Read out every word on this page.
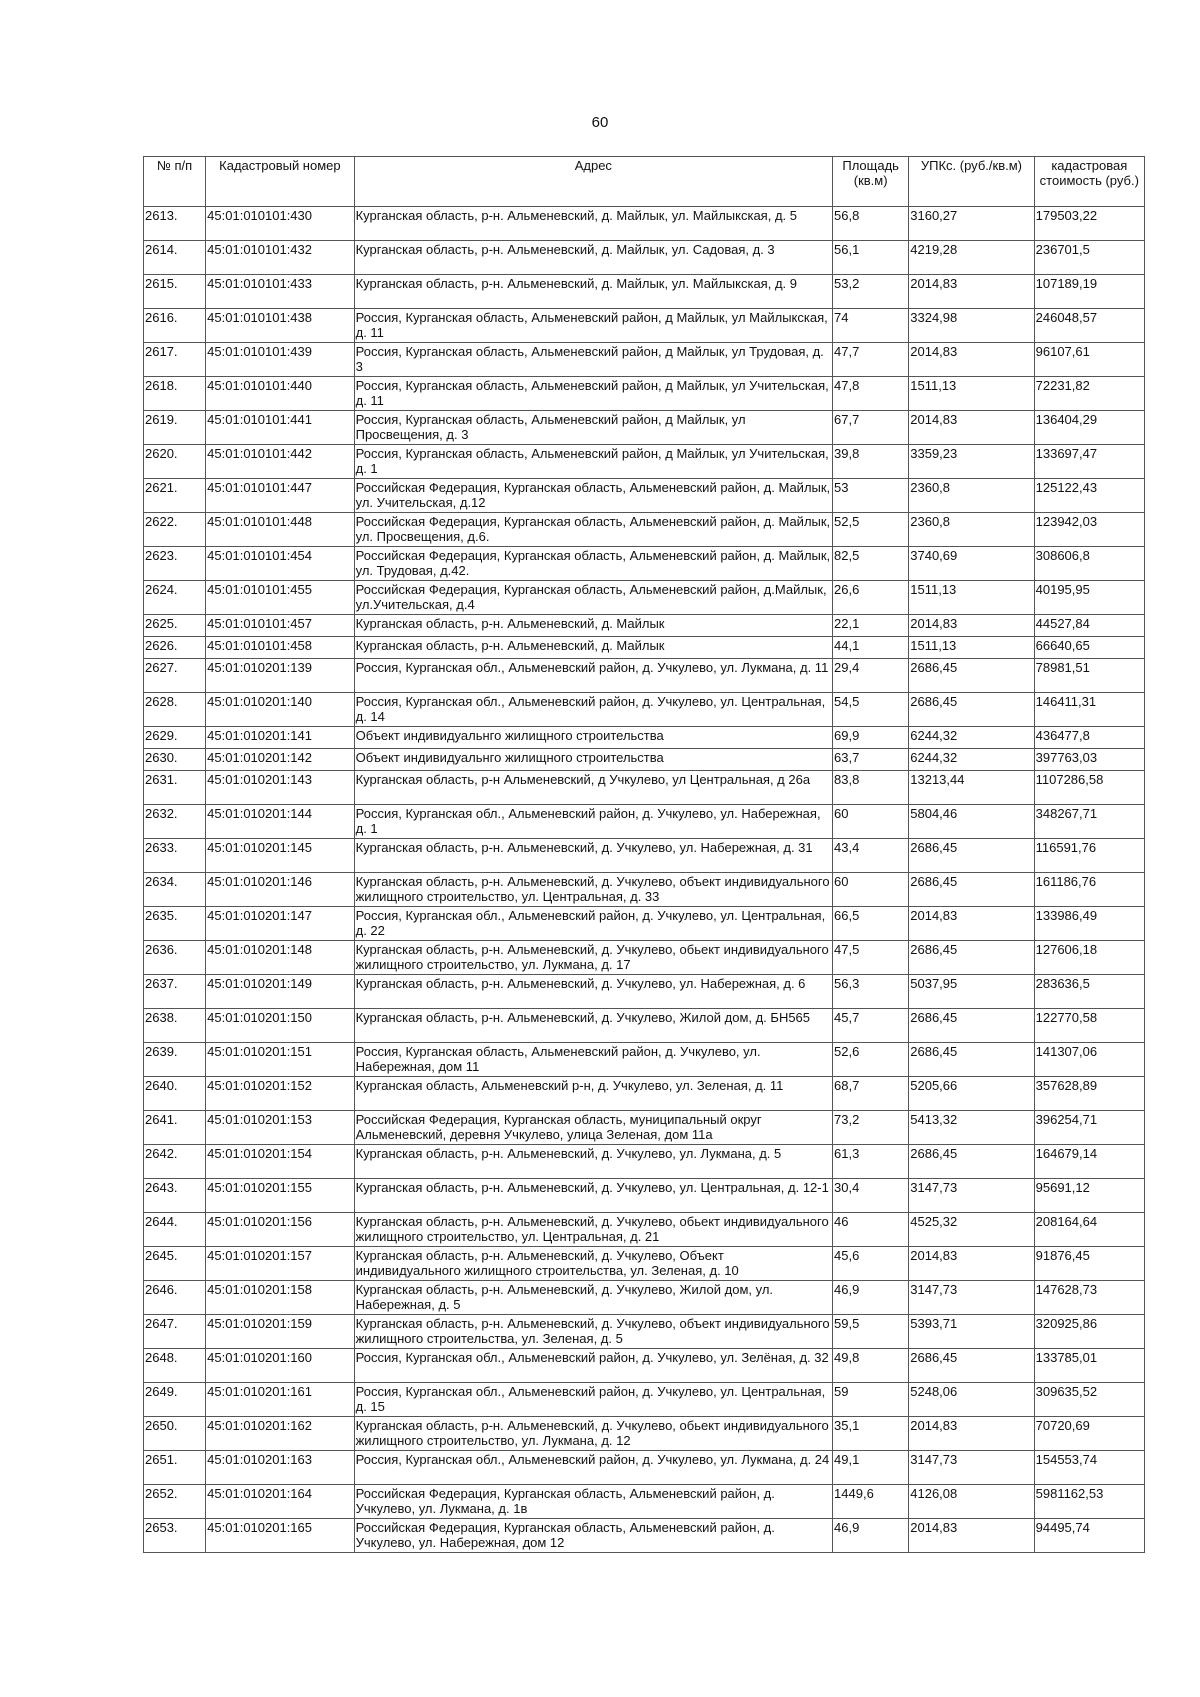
60
№ п/п	Кадастровый номер	Адрес	Площадь (кв.м)	УПКс. (руб./кв.м)	кадастровая стоимость (руб.)
2613.	45:01:010101:430	Курганская область, р-н. Альменевский, д. Майлык, ул. Майлыкская, д. 5	56,8	3160,27	179503,22
2614.	45:01:010101:432	Курганская область, р-н. Альменевский, д. Майлык, ул. Садовая, д. 3	56,1	4219,28	236701,5
2615.	45:01:010101:433	Курганская область, р-н. Альменевский, д. Майлык, ул. Майлыкская, д. 9	53,2	2014,83	107189,19
2616.	45:01:010101:438	Россия, Курганская область, Альменевский район, д Майлык, ул Майлыкская, д. 11	74	3324,98	246048,57
2617.	45:01:010101:439	Россия, Курганская область, Альменевский район, д Майлык, ул Трудовая, д. 3	47,7	2014,83	96107,61
2618.	45:01:010101:440	Россия, Курганская область, Альменевский район, д Майлык, ул Учительская, д. 11	47,8	1511,13	72231,82
2619.	45:01:010101:441	Россия, Курганская область, Альменевский район, д Майлык, ул Просвещения, д. 3	67,7	2014,83	136404,29
2620.	45:01:010101:442	Россия, Курганская область, Альменевский район, д Майлык, ул Учительская, д. 1	39,8	3359,23	133697,47
2621.	45:01:010101:447	Российская Федерация, Курганская область, Альменевский район, д. Майлык, ул. Учительская, д.12	53	2360,8	125122,43
2622.	45:01:010101:448	Российская Федерация, Курганская область, Альменевский район, д. Майлык, ул. Просвещения, д.6.	52,5	2360,8	123942,03
2623.	45:01:010101:454	Российская Федерация, Курганская область, Альменевский район, д. Майлык, ул. Трудовая, д.42.	82,5	3740,69	308606,8
2624.	45:01:010101:455	Российская Федерация, Курганская область, Альменевский район, д.Майлык, ул.Учительская, д.4	26,6	1511,13	40195,95
2625.	45:01:010101:457	Курганская область, р-н. Альменевский, д. Майлык	22,1	2014,83	44527,84
2626.	45:01:010101:458	Курганская область, р-н. Альменевский, д. Майлык	44,1	1511,13	66640,65
2627.	45:01:010201:139	Россия, Курганская обл., Альменевский район, д. Учкулево, ул. Лукмана, д. 11	29,4	2686,45	78981,51
2628.	45:01:010201:140	Россия, Курганская обл., Альменевский район, д. Учкулево, ул. Центральная, д. 14	54,5	2686,45	146411,31
2629.	45:01:010201:141	Объект индивидуальнго жилищного строительства	69,9	6244,32	436477,8
2630.	45:01:010201:142	Объект индивидуальнго жилищного строительства	63,7	6244,32	397763,03
2631.	45:01:010201:143	Курганская область, р-н Альменевский, д Учкулево, ул Центральная, д 26а	83,8	13213,44	1107286,58
2632.	45:01:010201:144	Россия, Курганская обл., Альменевский район, д. Учкулево, ул. Набережная, д. 1	60	5804,46	348267,71
2633.	45:01:010201:145	Курганская область, р-н. Альменевский, д. Учкулево, ул. Набережная, д. 31	43,4	2686,45	116591,76
2634.	45:01:010201:146	Курганская область, р-н. Альменевский, д. Учкулево, объект индивидуального жилищного строительство, ул. Центральная, д. 33	60	2686,45	161186,76
2635.	45:01:010201:147	Россия, Курганская обл., Альменевский район, д. Учкулево, ул. Центральная, д. 22	66,5	2014,83	133986,49
2636.	45:01:010201:148	Курганская область, р-н. Альменевский, д. Учкулево, обьект индивидуального жилищного строительство, ул. Лукмана, д. 17	47,5	2686,45	127606,18
2637.	45:01:010201:149	Курганская область, р-н. Альменевский, д. Учкулево, ул. Набережная, д. 6	56,3	5037,95	283636,5
2638.	45:01:010201:150	Курганская область, р-н. Альменевский, д. Учкулево, Жилой дом, д. БН565	45,7	2686,45	122770,58
2639.	45:01:010201:151	Россия, Курганская область, Альменевский район, д. Учкулево, ул. Набережная, дом 11	52,6	2686,45	141307,06
2640.	45:01:010201:152	Курганская область, Альменевский р-н, д. Учкулево, ул. Зеленая, д. 11	68,7	5205,66	357628,89
2641.	45:01:010201:153	Российская Федерация, Курганская область, муниципальный округ Альменевский, деревня Учкулево, улица Зеленая, дом 11а	73,2	5413,32	396254,71
2642.	45:01:010201:154	Курганская область, р-н. Альменевский, д. Учкулево, ул. Лукмана, д. 5	61,3	2686,45	164679,14
2643.	45:01:010201:155	Курганская область, р-н. Альменевский, д. Учкулево, ул. Центральная, д. 12-1	30,4	3147,73	95691,12
2644.	45:01:010201:156	Курганская область, р-н. Альменевский, д. Учкулево, обьект индивидуального жилищного строительство, ул. Центральная, д. 21	46	4525,32	208164,64
2645.	45:01:010201:157	Курганская область, р-н. Альменевский, д. Учкулево, Объект индивидуального жилищного строительства, ул. Зеленая, д. 10	45,6	2014,83	91876,45
2646.	45:01:010201:158	Курганская область, р-н. Альменевский, д. Учкулево, Жилой дом, ул. Набережная, д. 5	46,9	3147,73	147628,73
2647.	45:01:010201:159	Курганская область, р-н. Альменевский, д. Учкулево, объект индивидуального жилищного строительства, ул. Зеленая, д. 5	59,5	5393,71	320925,86
2648.	45:01:010201:160	Россия, Курганская обл., Альменевский район, д. Учкулево, ул. Зелёная, д. 32	49,8	2686,45	133785,01
2649.	45:01:010201:161	Россия, Курганская обл., Альменевский район, д. Учкулево, ул. Центральная, д. 15	59	5248,06	309635,52
2650.	45:01:010201:162	Курганская область, р-н. Альменевский, д. Учкулево, обьект индивидуального жилищного строительство, ул. Лукмана, д. 12	35,1	2014,83	70720,69
2651.	45:01:010201:163	Россия, Курганская обл., Альменевский район, д. Учкулево, ул. Лукмана, д. 24	49,1	3147,73	154553,74
2652.	45:01:010201:164	Российская Федерация, Курганская область, Альменевский район, д. Учкулево, ул. Лукмана, д. 1в	1449,6	4126,08	5981162,53
2653.	45:01:010201:165	Российская Федерация, Курганская область, Альменевский район, д. Учкулево, ул. Набережная, дом 12	46,9	2014,83	94495,74
